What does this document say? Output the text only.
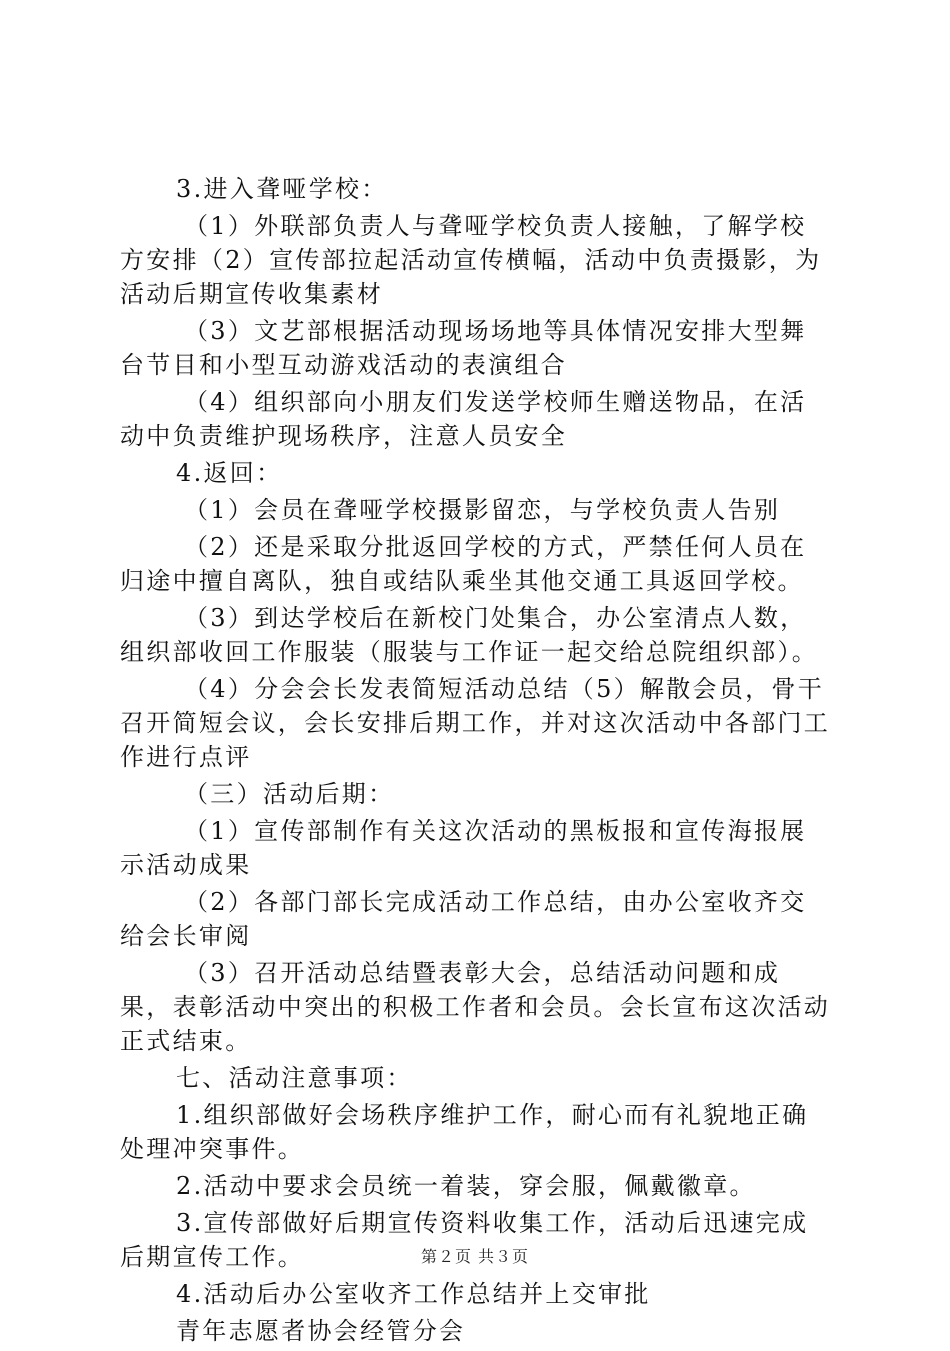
3.进入聋哑学校：

（1）外联部负责人与聋哑学校负责人接触，了解学校方安排（2）宣传部拉起活动宣传横幅，活动中负责摄影，为活动后期宣传收集素材

（3）文艺部根据活动现场场地等具体情况安排大型舞台节目和小型互动游戏活动的表演组合

（4）组织部向小朋友们发送学校师生赠送物品，在活动中负责维护现场秩序，注意人员安全

4.返回：

（1）会员在聋哑学校摄影留恋，与学校负责人告别

（2）还是采取分批返回学校的方式，严禁任何人员在归途中擅自离队，独自或结队乘坐其他交通工具返回学校。

（3）到达学校后在新校门处集合，办公室清点人数，组织部收回工作服装（服装与工作证一起交给总院组织部）。

（4）分会会长发表简短活动总结（5）解散会员，骨干召开简短会议，会长安排后期工作，并对这次活动中各部门工作进行点评

（三）活动后期：

（1）宣传部制作有关这次活动的黑板报和宣传海报展示活动成果

（2）各部门部长完成活动工作总结，由办公室收齐交给会长审阅

（3）召开活动总结暨表彰大会，总结活动问题和成果，表彰活动中突出的积极工作者和会员。会长宣布这次活动正式结束。

七、活动注意事项：

1.组织部做好会场秩序维护工作，耐心而有礼貌地正确处理冲突事件。

2.活动中要求会员统一着装，穿会服，佩戴徽章。

3.宣传部做好后期宣传资料收集工作，活动后迅速完成后期宣传工作。

4.活动后办公室收齐工作总结并上交审批

青年志愿者协会经管分会

第２页 共３页
